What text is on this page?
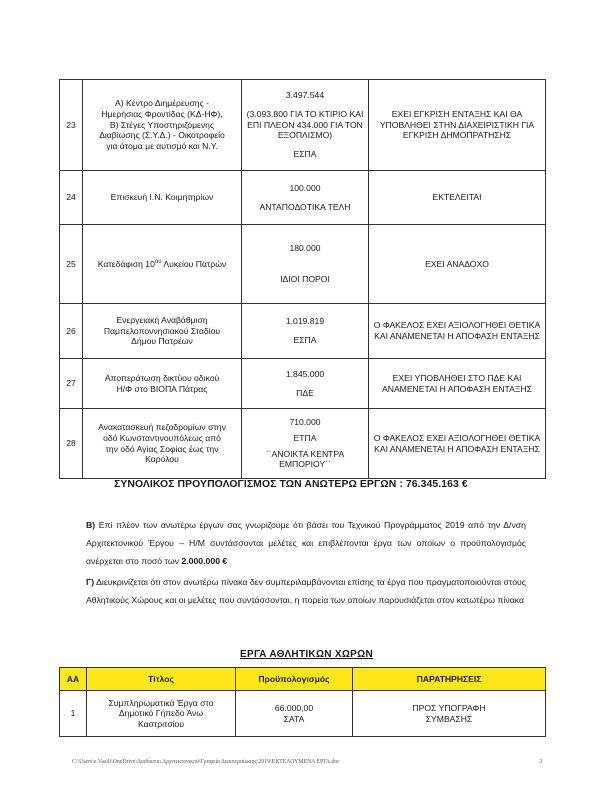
23	Α) Κέντρο Διημέρευσης -
Ημερήσιας Φροντίδας (ΚΔ-ΗΦ),
Β) Στέγες Υποστηριζόμενης
Διαβίωσης (Σ.Υ.Δ.) - Οικοτροφείο
για άτομα με αυτισμό και Ν.Υ.	3.497.544
(3.093.800 ΓΙΑ ΤΟ ΚΤΙΡΙΟ ΚΑΙ ΕΠΙ ΠΛΕΟΝ 434.000 ΓΙΑ ΤΟΝ ΕΞΟΠΛΙΣΜΟ)
ΕΣΠΑ	ΕΧΕΙ ΕΓΚΡΙΣΗ ΕΝΤΑΞΗΣ ΚΑΙ ΘΑ ΥΠΟΒΛΗΘΕΙ ΣΤΗΝ ΔΙΑΧΕΙΡΙΣΤΙΚΗ ΓΙΑ ΕΓΚΡΙΣΗ ΔΗΜΟΠΡΑΤΗΣΗΣ
24	Επισκευή Ι.Ν. Κοιμητηρίων	100.000
ΑΝΤΑΠΟΔΟΤΙΚΑ ΤΕΛΗ	ΕΚΤΕΛΕΙΤΑΙ
25	Κατεδάφιση $10^{o\upsilon}$ Λυκείου Πατρών	180.000
ΙΔΙΟΙ ΠΟΡΟΙ	ΕΧΕΙ ΑΝΑΔΟΧΟ
26	Ενεργειακή Αναβάθμιση
Παμπελοποννησιακού Σταδίου
Δήμου Πατρέων	1.019.819
ΕΣΠΑ	Ο ΦΑΚΕΛΟΣ ΕΧΕΙ ΑΞΙΟΛΟΓΗΘΕΙ ΘΕΤΙΚΑ ΚΑΙ ΑΝΑΜΕΝΕΤΑΙ Η ΑΠΟΦΑΣΗ ΕΝΤΑΞΗΣ
27	Αποπεράτωση δικτύου οδικού
Η/Φ στο ΒΙΟΠΑ Πάτρας	1.845.000
ΠΔΕ	ΕΧΕΙ ΥΠΟΒΛΗΘΕΙ ΣΤΟ ΠΔΕ ΚΑΙ ΑΝΑΜΕΝΕΤΑΙ Η ΑΠΟΦΑΣΗ ΕΝΤΑΞΗΣ
28	Ανακατασκευή πεζοδρομίων στην
οδό Κωνσταντινουπόλεως από
την οδό Αγίας Σοφίας έως την
Καρόλου	710.000
ΕΤΠΑ
΄΄ΑΝΟΙΚΤΑ ΚΕΝΤΡΑ ΕΜΠΟΡΙΟΥ΄΄	Ο ΦΑΚΕΛΟΣ ΕΧΕΙ ΑΞΙΟΛΟΓΗΘΕΙ ΘΕΤΙΚΑ ΚΑΙ ΑΝΑΜΕΝΕΤΑΙ Η ΑΠΟΦΑΣΗ ΕΝΤΑΞΗΣ
ΣΥΝΟΛΙΚΟΣ ΠΡΟΥΠΟΛΟΓΙΣΜΟΣ ΤΩΝ ΑΝΩΤΕΡΩ ΕΡΓΩΝ : 76.345.163 €
Β) Επί πλέον των ανωτέρω έργων σας γνωρίζουμε ότι βάσει του Τεχνικού Προγράμματος 2019 από την Δ/νση Αρχιτεκτονικού Έργου – Η/Μ συντάσσονται μελέτες και επιβλέπονται έργα των οποίων ο προϋπολογισμός ανέρχεται στο ποσό των 2.000.000 €
Γ) Διευκρινίζεται ότι στον ανωτέρω πίνακα δεν συμπεριλαμβάνονται επίσης τα έργα που πραγματοποιούνται στους Αθλητικούς Χώρους και οι μελέτες που συντάσσονται, η πορεία των οποίων παρουσιάζεται στον κατωτέρω πίνακα
ΕΡΓΑ ΑΘΛΗΤΙΚΩΝ ΧΩΡΩΝ
ΑΑ	Τίτλος	Προϋπολογισμός	ΠΑΡΑΤΗΡΗΣΕΙΣ
1	Συμπληρωματικά Έργα στο
Δημοτικό Γήπεδο Άνω
Καστριτσίου	66.000,00
ΣΑΤΑ	ΠΡΟΣ ΥΠΟΓΡΑΦΗ
ΣΥΜΒΑΣΗΣ
C:\Users\e.Vasili\OneDrive\Διαδίκτυο Αρχιτεκτονικού\Γραφείο Διεκπεραίωσης\2019\ΕΚΤΕΛΟΥΜΕΝΑ ΕΡΓΑ.doc	3
